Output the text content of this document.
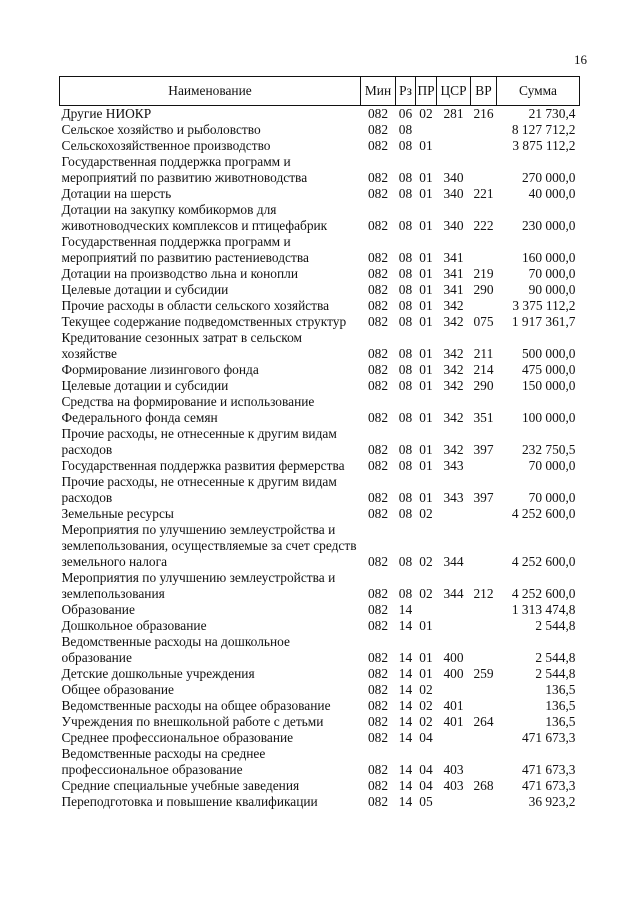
16
Наименование	Мин	Рз	ПР	ЦСР	ВР	Сумма
Другие НИОКР	082	06	02	281	216	21 730,4
Сельское хозяйство и рыболовство	082	08				8 127 712,2
Сельскохозяйственное производство	082	08	01			3 875 112,2
Государственная поддержка программ и мероприятий по развитию животноводства	082	08	01	340		270 000,0
Дотации на шерсть	082	08	01	340	221	40 000,0
Дотации на закупку комбикормов для животноводческих комплексов и птицефабрик	082	08	01	340	222	230 000,0
Государственная поддержка программ и мероприятий по развитию растениеводства	082	08	01	341		160 000,0
Дотации на производство льна и конопли	082	08	01	341	219	70 000,0
Целевые дотации и субсидии	082	08	01	341	290	90 000,0
Прочие расходы в области сельского хозяйства	082	08	01	342		3 375 112,2
Текущее содержание подведомственных структур	082	08	01	342	075	1 917 361,7
Кредитование сезонных затрат в сельском хозяйстве	082	08	01	342	211	500 000,0
Формирование лизингового фонда	082	08	01	342	214	475 000,0
Целевые дотации и субсидии	082	08	01	342	290	150 000,0
Средства на формирование и использование Федерального фонда семян	082	08	01	342	351	100 000,0
Прочие расходы, не отнесенные к другим видам расходов	082	08	01	342	397	232 750,5
Государственная поддержка развития фермерства	082	08	01	343		70 000,0
Прочие расходы, не отнесенные к другим видам расходов	082	08	01	343	397	70 000,0
Земельные ресурсы	082	08	02			4 252 600,0
Мероприятия по улучшению землеустройства и землепользования, осуществляемые за счет средств земельного налога	082	08	02	344		4 252 600,0
Мероприятия по улучшению землеустройства и землепользования	082	08	02	344	212	4 252 600,0
Образование	082	14				1 313 474,8
Дошкольное образование	082	14	01			2 544,8
Ведомственные расходы на дошкольное образование	082	14	01	400		2 544,8
Детские дошкольные учреждения	082	14	01	400	259	2 544,8
Общее образование	082	14	02			136,5
Ведомственные расходы на общее образование	082	14	02	401		136,5
Учреждения по внешкольной работе с детьми	082	14	02	401	264	136,5
Среднее профессиональное образование	082	14	04			471 673,3
Ведомственные расходы на среднее профессиональное образование	082	14	04	403		471 673,3
Средние специальные учебные заведения	082	14	04	403	268	471 673,3
Переподготовка и повышение квалификации	082	14	05			36 923,2
